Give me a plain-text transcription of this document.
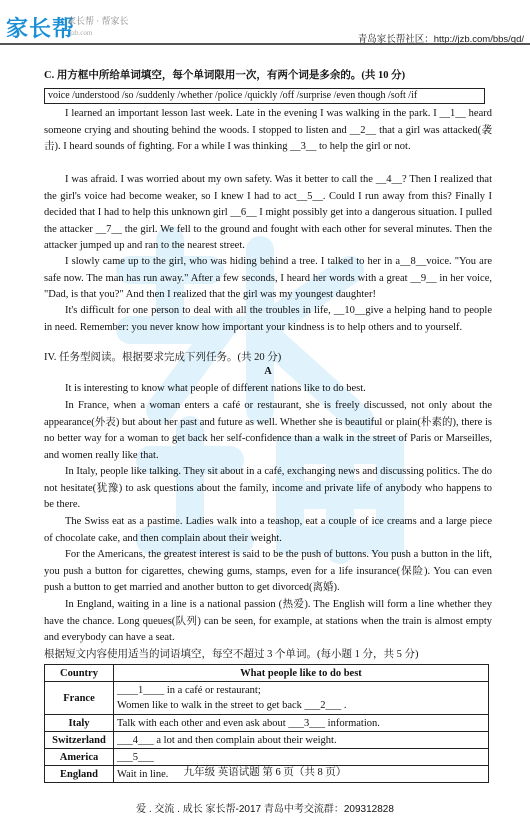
家长帮
家长帮 · 帮家长
jzb.com
青岛家长帮社区：http://jzb.com/bbs/qd/
C. 用方框中所给单词填空，每个单词限用一次，有两个词是多余的。(共 10 分)
voice /understood /so /suddenly /whether /police /quickly /off /surprise /even though /soft /if
I learned an important lesson last week. Late in the evening I was walking in the park. I __1__ heard someone crying and shouting behind the woods. I stopped to listen and __2__ that a girl was attacked(袭击). I heard sounds of fighting. For a while I was thinking __3__ to help the girl or not.
I was afraid. I was worried about my own safety. Was it better to call the __4__? Then I realized that the girl's voice had become weaker, so I knew I had to act__5__. Could I run away from this? Finally I decided that I had to help this unknown girl __6__ I might possibly get into a dangerous situation. I pulled the attacker __7__ the girl. We fell to the ground and fought with each other for several minutes. Then the attacker jumped up and ran to the nearest street.
I slowly came up to the girl, who was hiding behind a tree. I talked to her in a__8__voice. "You are safe now. The man has run away." After a few seconds, I heard her words with a great __9__ in her voice, "Dad, is that you?" And then I realized that the girl was my youngest daughter!
It's difficult for one person to deal with all the troubles in life, __10__give a helping hand to people in need. Remember: you never know how important your kindness is to help others and to yourself.
IV. 任务型阅读。根据要求完成下列任务。(共 20 分)
A
It is interesting to know what people of different nations like to do best.
In France, when a woman enters a café or restaurant, she is freely discussed, not only about the appearance(外表) but about her past and future as well. Whether she is beautiful or plain(朴素的), there is no better way for a woman to get back her self-confidence than a walk in the street of Paris or Marseilles, and women really like that.
In Italy, people like talking. They sit about in a café, exchanging news and discussing politics. The do not hesitate(犹豫) to ask questions about the family, income and private life of anybody who happens to be there.
The Swiss eat as a pastime. Ladies walk into a teashop, eat a couple of ice creams and a large piece of chocolate cake, and then complain about their weight.
For the Americans, the greatest interest is said to be the push of buttons. You push a button in the lift, you push a button for cigarettes, chewing gums, stamps, even for a life insurance(保险). You can even push a button to get married and another button to get divorced(离婚).
In England, waiting in a line is a national passion (热爱). The English will form a line whether they have the chance. Long queues(队列) can be seen, for example, at stations when the train is almost empty and everybody can have a seat.
根据短文内容使用适当的词语填空，每空不超过 3 个单词。(每小题 1 分，共 5 分)
Country	What people like to do best
France	____1____ in a café or restaurant;
Women like to walk in the street to get back ___2___ .

Italy	Talk with each other and even ask about ___3___ information.
Switzerland	___4___ a lot and then complain about their weight.
America	___5___
England	Wait in line.	九年级 英语试题 第 6 页（共 8 页）
爱 . 交流 . 成长 家长帮-2017 青岛中考交流群：209312828
